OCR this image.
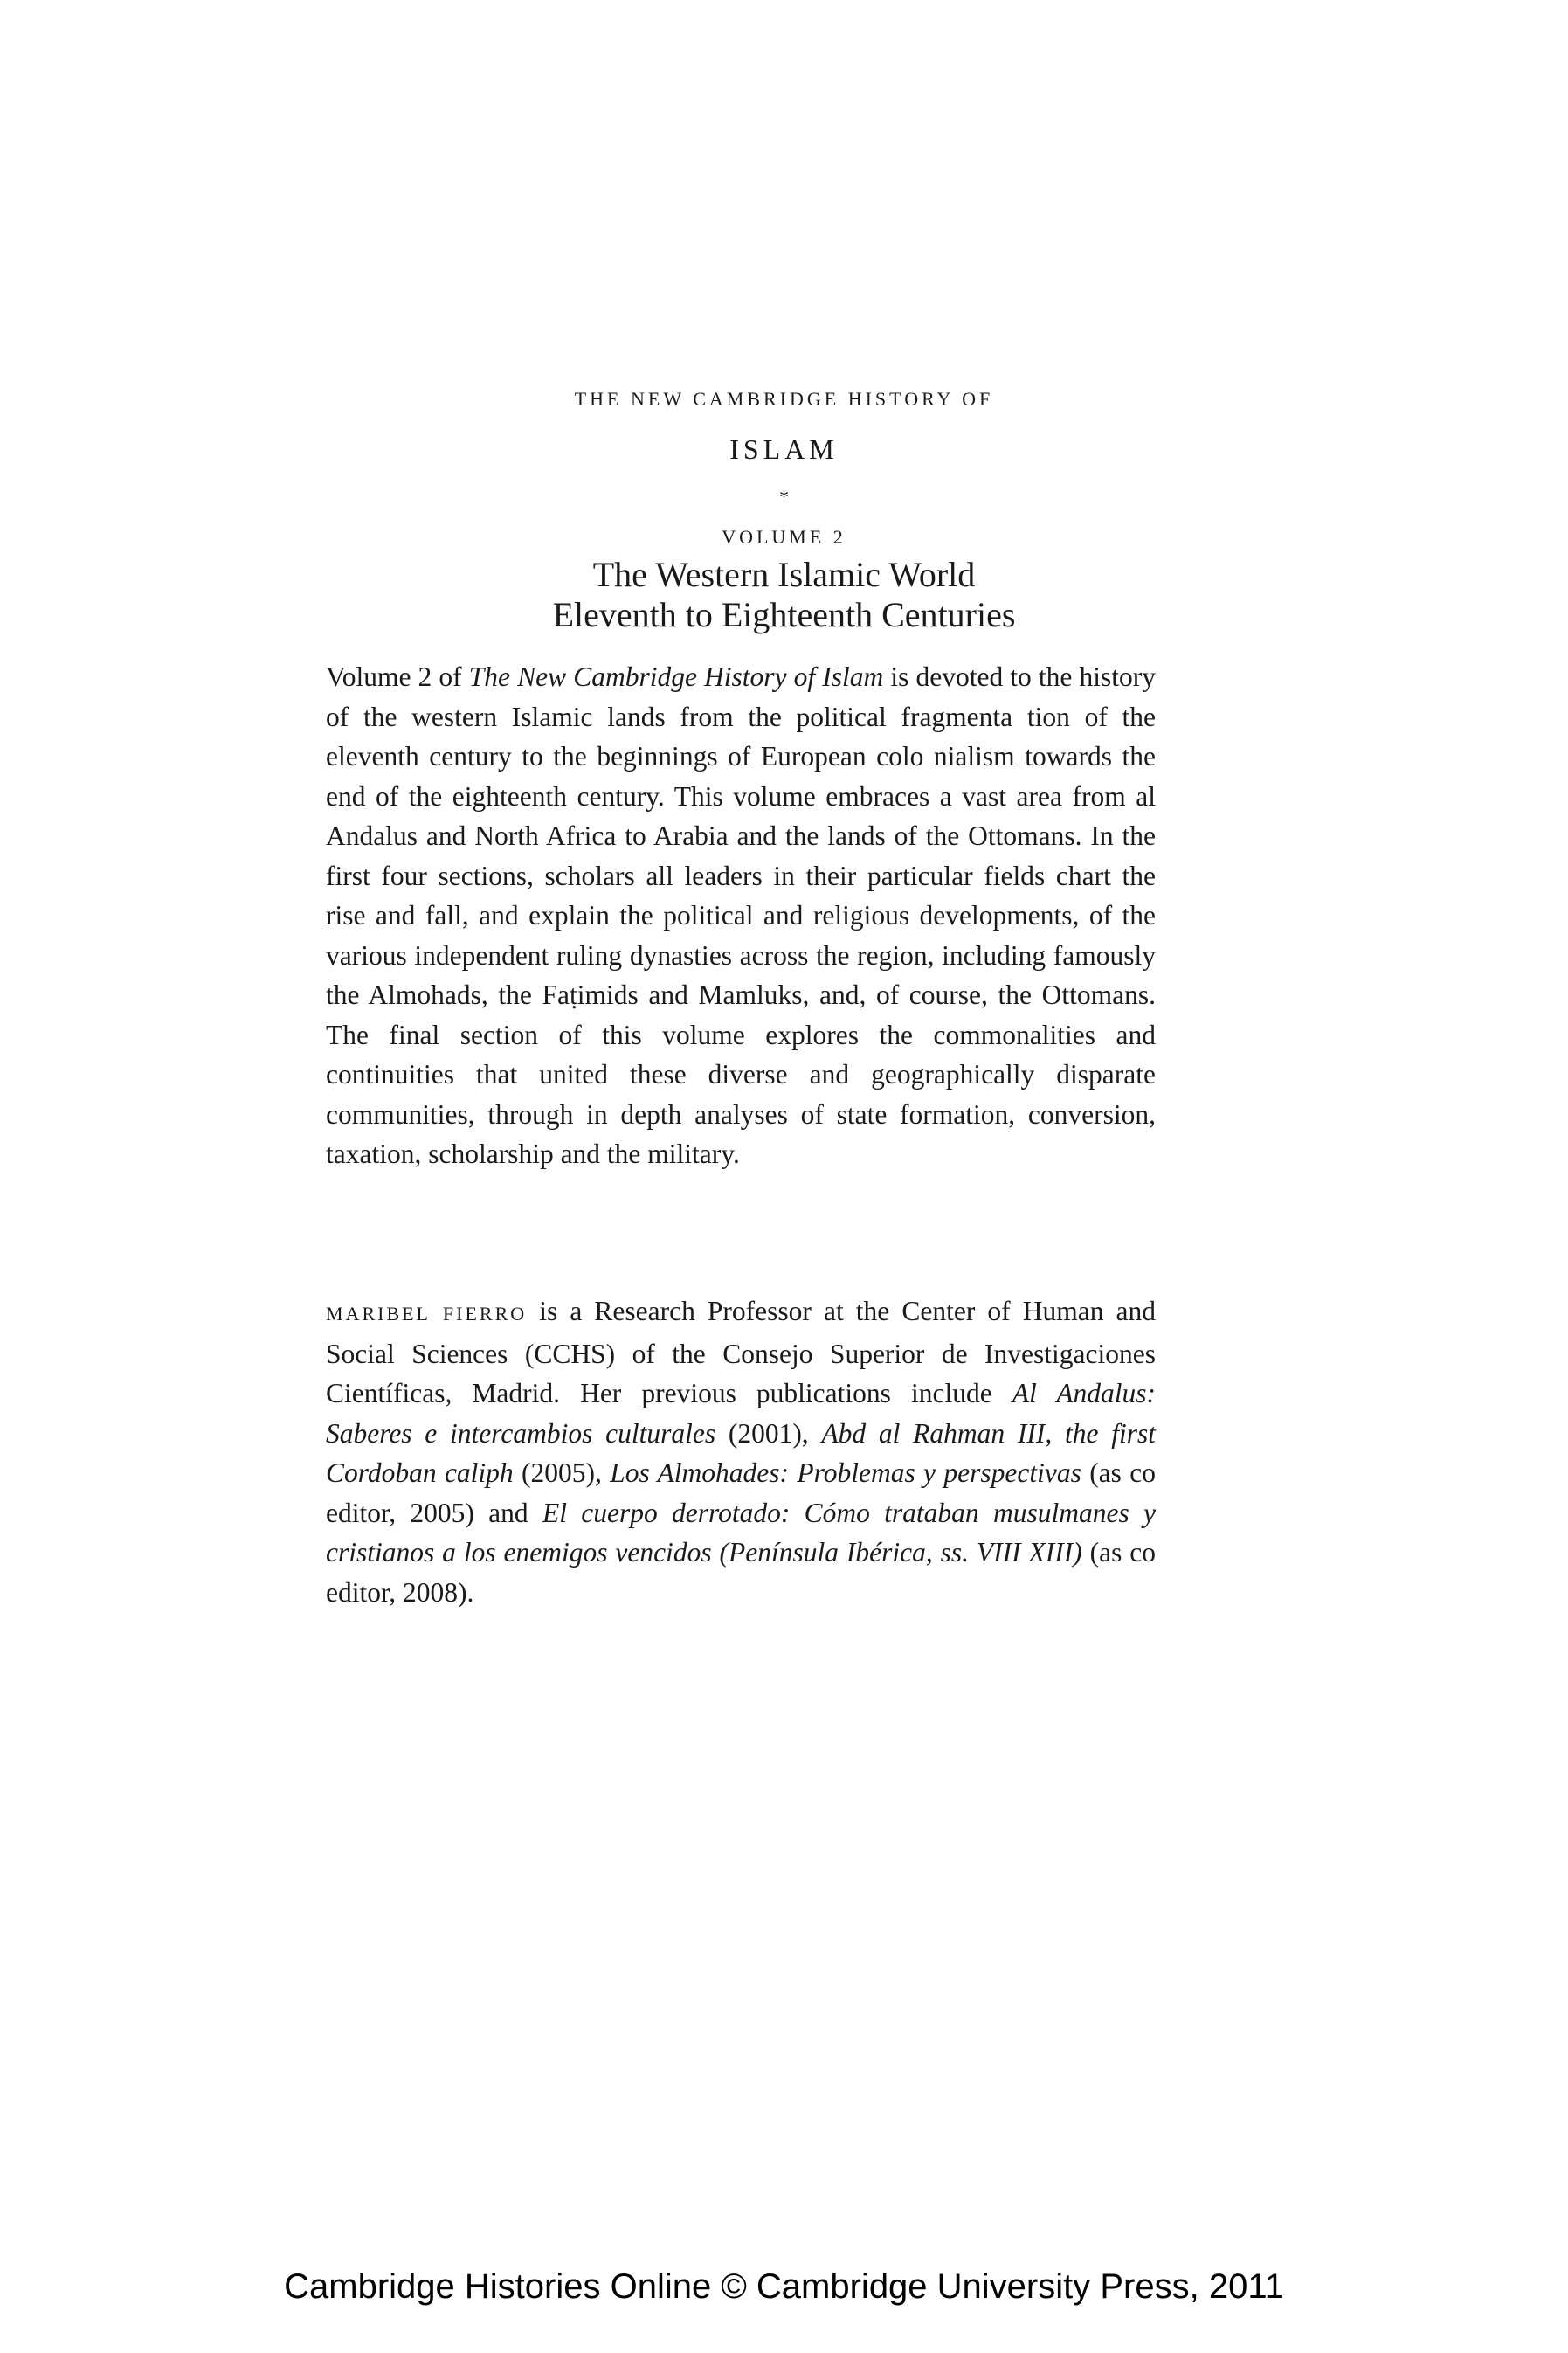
THE NEW CAMBRIDGE HISTORY OF
ISLAM
*
VOLUME 2
The Western Islamic World
Eleventh to Eighteenth Centuries
Volume 2 of The New Cambridge History of Islam is devoted to the history of the western Islamic lands from the political fragmenta tion of the eleventh century to the beginnings of European colo nialism towards the end of the eighteenth century. This volume embraces a vast area from al Andalus and North Africa to Arabia and the lands of the Ottomans. In the first four sections, scholars all leaders in their particular fields chart the rise and fall, and explain the political and religious developments, of the various independent ruling dynasties across the region, including famously the Almohads, the Faṭimids and Mamluks, and, of course, the Ottomans. The final section of this volume explores the commonalities and continuities that united these diverse and geographically disparate communities, through in depth analyses of state formation, conversion, taxation, scholarship and the military.
MARIBEL FIERRO is a Research Professor at the Center of Human and Social Sciences (CCHS) of the Consejo Superior de Investigaciones Científicas, Madrid. Her previous publications include Al Andalus: Saberes e intercambios culturales (2001), Abd al Rahman III, the first Cordoban caliph (2005), Los Almohades: Problemas y perspectivas (as co editor, 2005) and El cuerpo derrotado: Cómo trataban musulmanes y cristianos a los enemigos vencidos (Península Ibérica, ss. VIII XIII) (as co editor, 2008).
Cambridge Histories Online © Cambridge University Press, 2011
